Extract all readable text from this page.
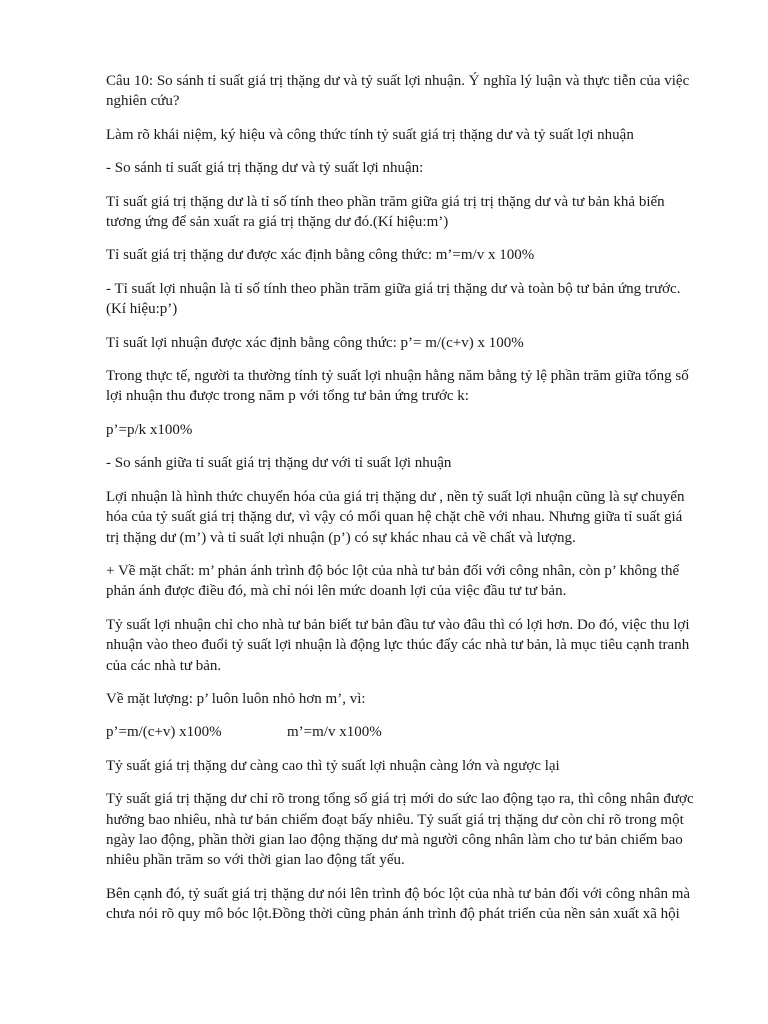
Câu 10: So sánh tỉ suất giá trị thặng dư và tỷ suất lợi nhuận. Ý nghĩa lý luận và thực tiễn của việc nghiên cứu?

Làm rõ khái niệm, ký hiệu và công thức tính tỷ suất giá trị thặng dư và tỷ suất lợi nhuận

- So sánh tỉ suất giá trị thặng dư và tỷ suất lợi nhuận:

Tỉ suất giá trị thặng dư là tỉ số tính theo phần trăm giữa giá trị trị thặng dư và tư bản khả biến tương ứng để sản xuất ra giá trị thặng dư đó.(Kí hiệu:m’)

Tỉ suất giá trị thặng dư được xác định bằng công thức: m’=m/v x 100%

- Tỉ suất lợi nhuận là tỉ số tính theo phần trăm giữa giá trị thặng dư và toàn bộ tư bản ứng trước. (Kí hiệu:p’)

Tỉ suất lợi nhuận được xác định bằng công thức: p’= m/(c+v) x 100%

Trong thực tế, người ta thường tính tỷ suất lợi nhuận hằng năm bằng tỷ lệ phần trăm giữa tổng số lợi nhuận thu được trong năm p với tổng tư bản ứng trước k:

p’=p/k x100%

- So sánh giữa tỉ suất giá trị thặng dư với tỉ suất lợi nhuận

Lợi nhuận là hình thức chuyển hóa của giá trị thặng dư , nền tỷ suất lợi nhuận cũng là sự chuyển hóa của tỷ suất giá trị thặng dư, vì vậy có mối quan hệ chặt chẽ với nhau. Nhưng giữa tỉ suất giá trị thặng dư (m’) và tỉ suất lợi nhuận (p’) có sự khác nhau cả về chất và lượng.

+ Về mặt chất: m’ phản ánh trình độ bóc lột của nhà tư bản đối với công nhân, còn p’ không thể phản ánh được điều đó, mà chỉ nói lên mức doanh lợi của việc đầu tư tư bản.

Tỷ suất lợi nhuận chỉ cho nhà tư bản biết tư bản đầu tư vào đâu thì có lợi hơn. Do đó, việc thu lợi nhuận vào theo đuổi tỷ suất lợi nhuận là động lực thúc đẩy các nhà tư bản, là mục tiêu cạnh tranh của các nhà tư bản.

Về mặt lượng: p’ luôn luôn nhỏ hơn m’, vì:

p’=m/(c+v) x100%	m’=m/v x100%

Tỷ suất giá trị thặng dư càng cao thì tỷ suất lợi nhuận càng lớn và ngược lại

Tỷ suất giá trị thặng dư chỉ rõ trong tổng số giá trị mới do sức lao động tạo ra, thì công nhân được hưởng bao nhiêu, nhà tư bản chiếm đoạt bấy nhiêu. Tỷ suất giá trị thặng dư còn chỉ rõ trong một ngày lao động, phần thời gian lao động thặng dư mà người công nhân làm cho tư bản chiếm bao nhiêu phần trăm so với thời gian lao động tất yếu.

Bên cạnh đó, tỷ suất giá trị thặng dư nói lên trình độ bóc lột của nhà tư bản đối với công nhân mà chưa nói rõ quy mô bóc lột.Đồng thời cũng phản ánh trình độ phát triển của nền sản xuất xã hội
